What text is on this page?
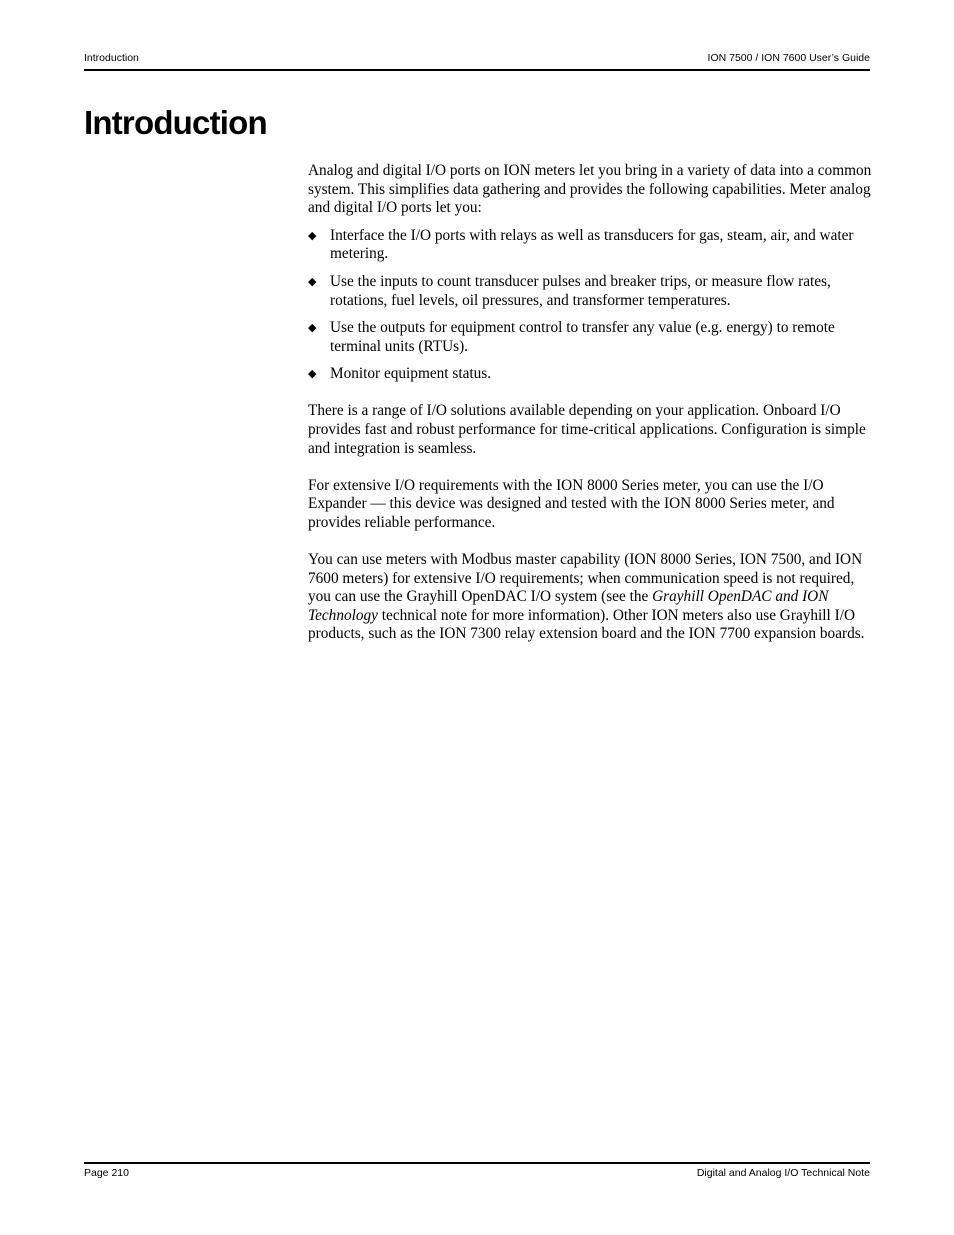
Introduction	ION 7500 / ION 7600 User’s Guide
Introduction

Analog and digital I/O ports on ION meters let you bring in a variety of data into a common system. This simplifies data gathering and provides the following capabilities. Meter analog and digital I/O ports let you:

◆ Interface the I/O ports with relays as well as transducers for gas, steam, air, and water metering.
◆ Use the inputs to count transducer pulses and breaker trips, or measure flow rates, rotations, fuel levels, oil pressures, and transformer temperatures.
◆ Use the outputs for equipment control to transfer any value (e.g. energy) to remote terminal units (RTUs).
◆ Monitor equipment status.

There is a range of I/O solutions available depending on your application. Onboard I/O provides fast and robust performance for time-critical applications. Configuration is simple and integration is seamless.

For extensive I/O requirements with the ION 8000 Series meter, you can use the I/O Expander — this device was designed and tested with the ION 8000 Series meter, and provides reliable performance.

You can use meters with Modbus master capability (ION 8000 Series, ION 7500, and ION 7600 meters) for extensive I/O requirements; when communication speed is not required, you can use the Grayhill OpenDAC I/O system (see the Grayhill OpenDAC and ION Technology technical note for more information). Other ION meters also use Grayhill I/O products, such as the ION 7300 relay extension board and the ION 7700 expansion boards.

Page 210	Digital and Analog I/O Technical Note
